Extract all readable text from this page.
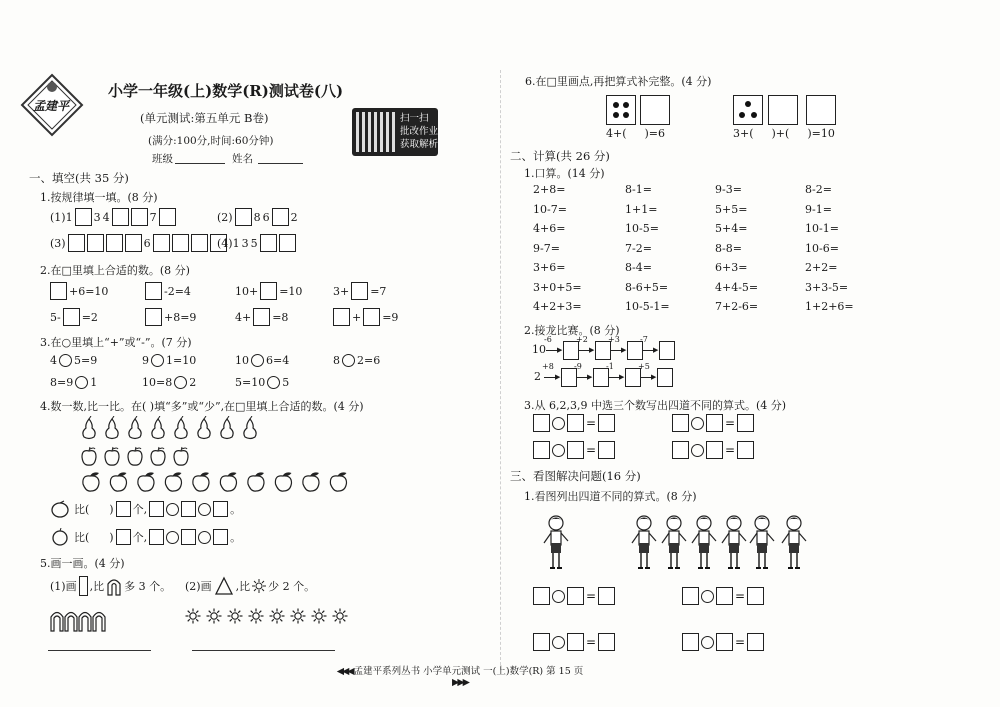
孟建平
小学一年级(上)数学(R)测试卷(八)
(单元测试:第五单元 B卷)
(满分:100分,时间:60分钟)
班级	姓名
扫一扫
批改作业
获取解析
一、填空(共 35 分)
1.按规律填一填。(8 分)
(1)1 3 4	7	(2) 8 6 2
(3)	6	(4)1 3 5
2.在□里填上合适的数。(8 分)
+6=10	-2=4	10+ =10	3+ =7
5- =2	+8=9	4+ =8	+ =9
3.在○里填上“+”或“-”。(7 分)
4 5=9	9 1=10	10 6=4	8 2=6
8=9 1	10=8 2	5=10 5
4.数一数,比一比。在( )填“多”或“少”,在□里填上合适的数。(4 分)
比( ) 个,	。
比( ) 个,	。
5.画一画。(4 分)
(1)画 ,比 多 3 个。 (2)画 ,比 少 2 个。
6.在□里画点,再把算式补完整。(4 分)
4+( )=6	3+( )+( )=10
二、计算(共 26 分)
1.口算。(14 分)
2+8=	8-1=	9-3=	8-2=
10-7=	1+1=	5+5=	9-1=
4+6=	10-5=	5+4=	10-1=
9-7=	7-2=	8-8=	10-6=
3+6=	8-4=	6+3=	2+2=
3+0+5=	8-6+5=	4+4-5=	3+3-5=
4+2+3=	10-5-1=	7+2-6=	1+2+6=
2.接龙比赛。(8 分)
10 ▶
-6
▶
+2
▶
+3
▶
-7
2 ▶
+8
▶
-9
▶
-1
▶
+5
3.从 6,2,3,9 中选三个数写出四道不同的算式。(4 分)
=	=
=	=
三、看图解决问题(16 分)
1.看图列出四道不同的算式。(8 分)
=	=
=	=
◀◀◀ 孟建平系列丛书 小学单元测试 一(上)数学(R) 第 15 页 ▶▶▶
